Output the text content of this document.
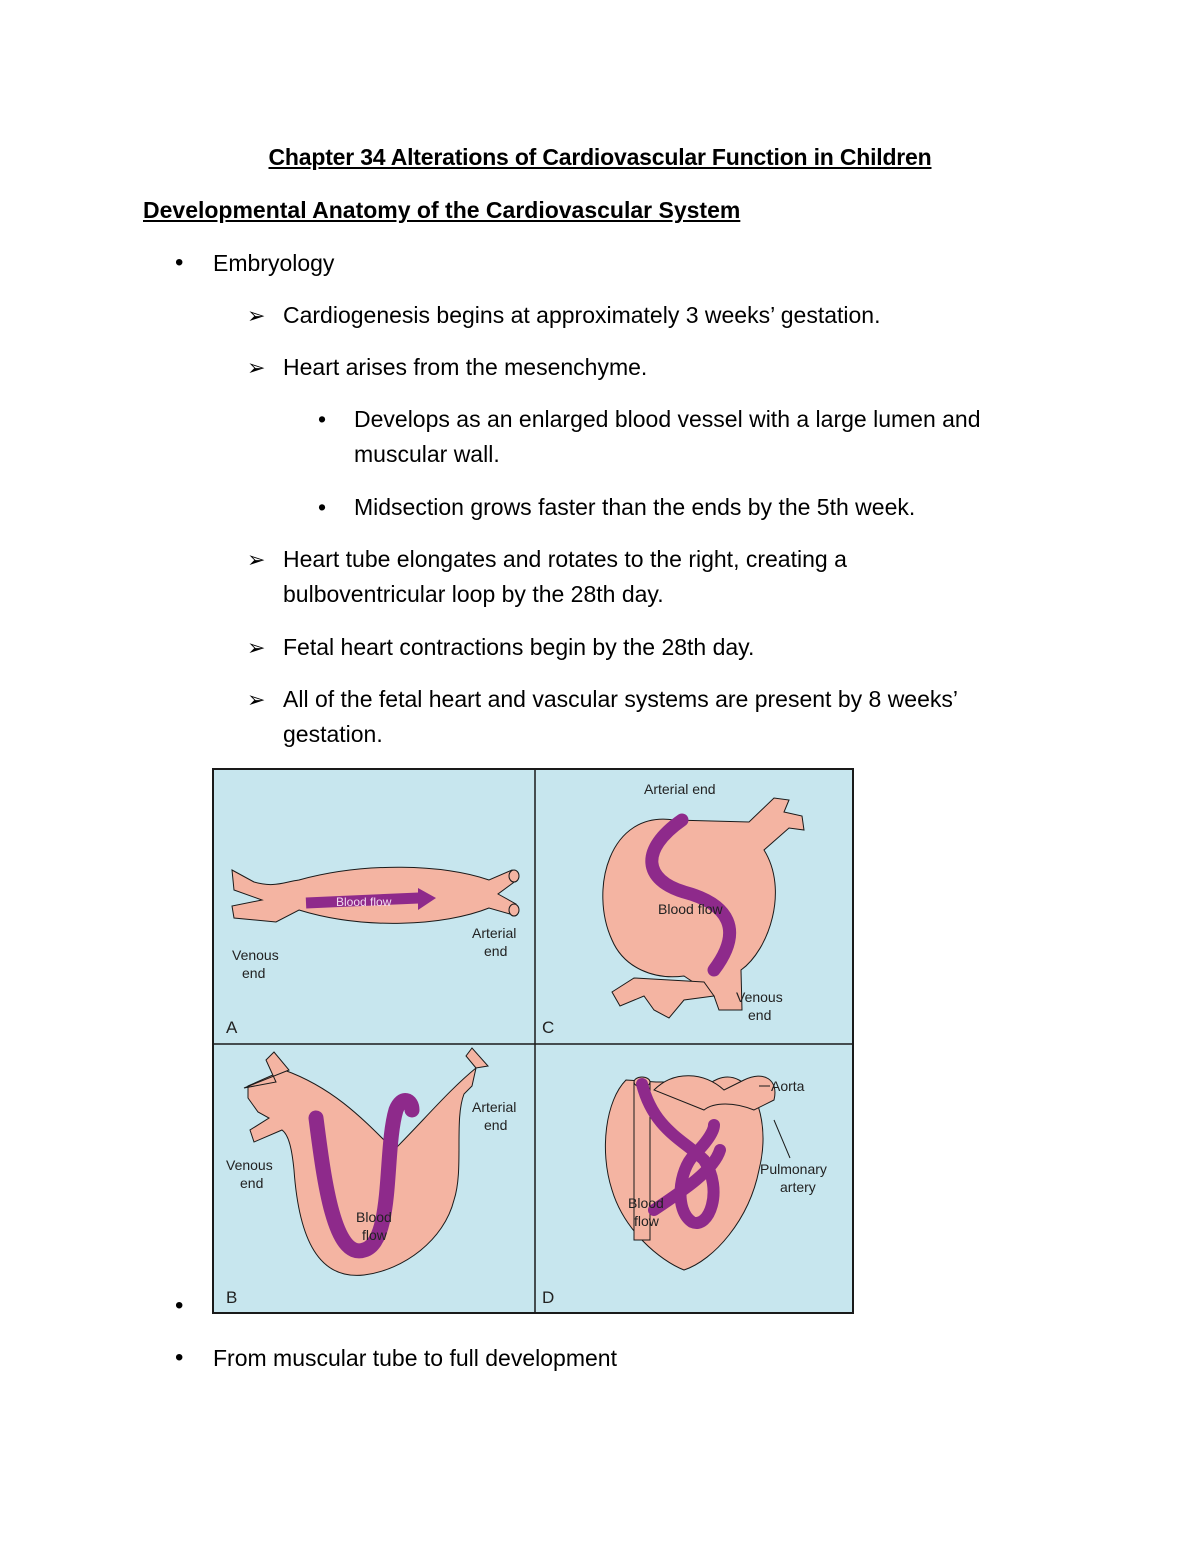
Chapter 34 Alterations of Cardiovascular Function in Children
Developmental Anatomy of the Cardiovascular System
• Embryology
➢ Cardiogenesis begins at approximately 3 weeks’ gestation.
➢ Heart arises from the mesenchyme.
• Develops as an enlarged blood vessel with a large lumen and
muscular wall.
• Midsection grows faster than the ends by the 5th week.
➢ Heart tube elongates and rotates to the right, creating a
bulboventricular loop by the 28th day.
➢ Fetal heart contractions begin by the 28th day.
➢ All of the fetal heart and vascular systems are present by 8 weeks’
gestation.
Blood flow
Venous
end
Arterial
end
A
Blood flow
Arterial end
Venous
end
C
Blood
flow
Venous
end
Arterial
end
B
Blood
flow
Aorta
Pulmonary
artery
D
•
• From muscular tube to full development
